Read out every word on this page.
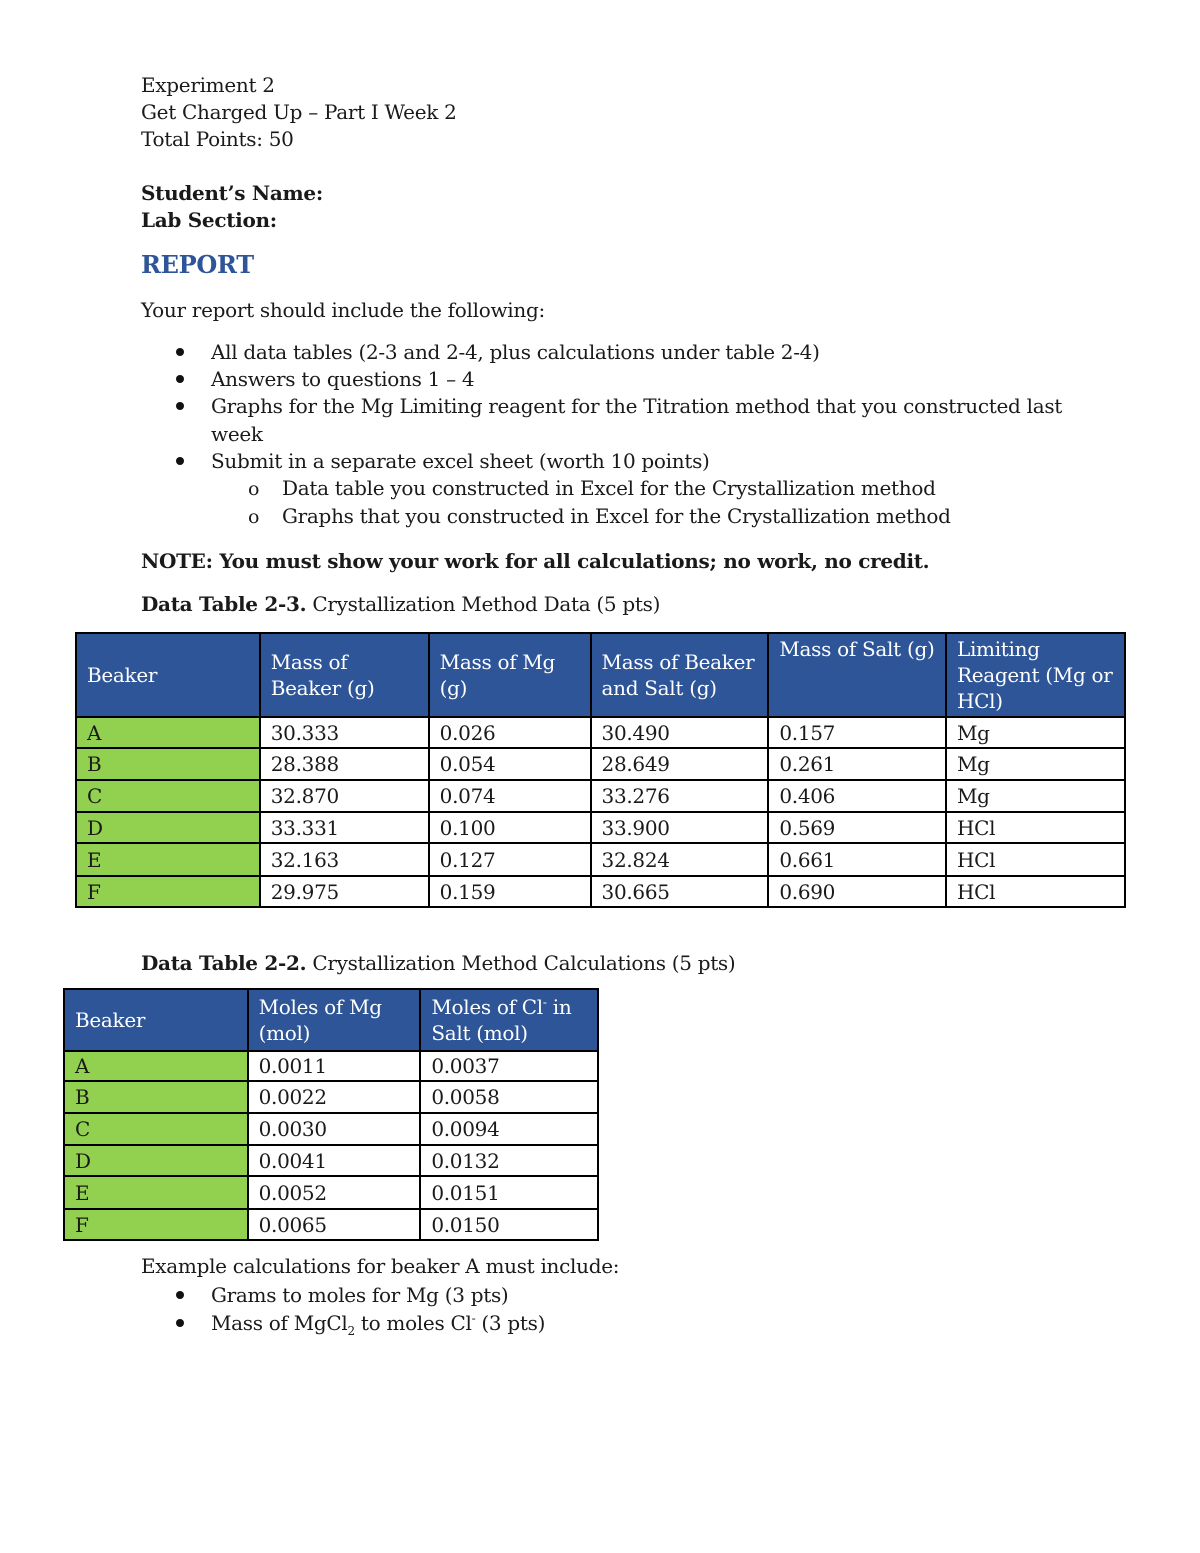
Experiment 2
Get Charged Up – Part I Week 2
Total Points: 50
Student’s Name:
Lab Section:
REPORT
Your report should include the following:
All data tables (2-3 and 2-4, plus calculations under table 2-4)
Answers to questions 1 – 4
Graphs for the Mg Limiting reagent for the Titration method that you constructed last
week
Submit in a separate excel sheet (worth 10 points)
o Data table you constructed in Excel for the Crystallization method
o Graphs that you constructed in Excel for the Crystallization method
NOTE: You must show your work for all calculations; no work, no credit.
Data Table 2-3. Crystallization Method Data (5 pts)
Beaker	Mass of Beaker (g)	Mass of Mg (g)	Mass of Beaker and Salt (g)	Mass of Salt (g)	Limiting Reagent (Mg or HCl)
A	30.333	0.026	30.490	0.157	Mg
B	28.388	0.054	28.649	0.261	Mg
C	32.870	0.074	33.276	0.406	Mg
D	33.331	0.100	33.900	0.569	HCl
E	32.163	0.127	32.824	0.661	HCl
F	29.975	0.159	30.665	0.690	HCl
Data Table 2-2. Crystallization Method Calculations (5 pts)
Beaker	Moles of Mg (mol)	Moles of Cl- in Salt (mol)
A	0.0011	0.0037
B	0.0022	0.0058
C	0.0030	0.0094
D	0.0041	0.0132
E	0.0052	0.0151
F	0.0065	0.0150
Example calculations for beaker A must include:
Grams to moles for Mg (3 pts)
Mass of MgCl$_2$ to moles Cl- (3 pts)
